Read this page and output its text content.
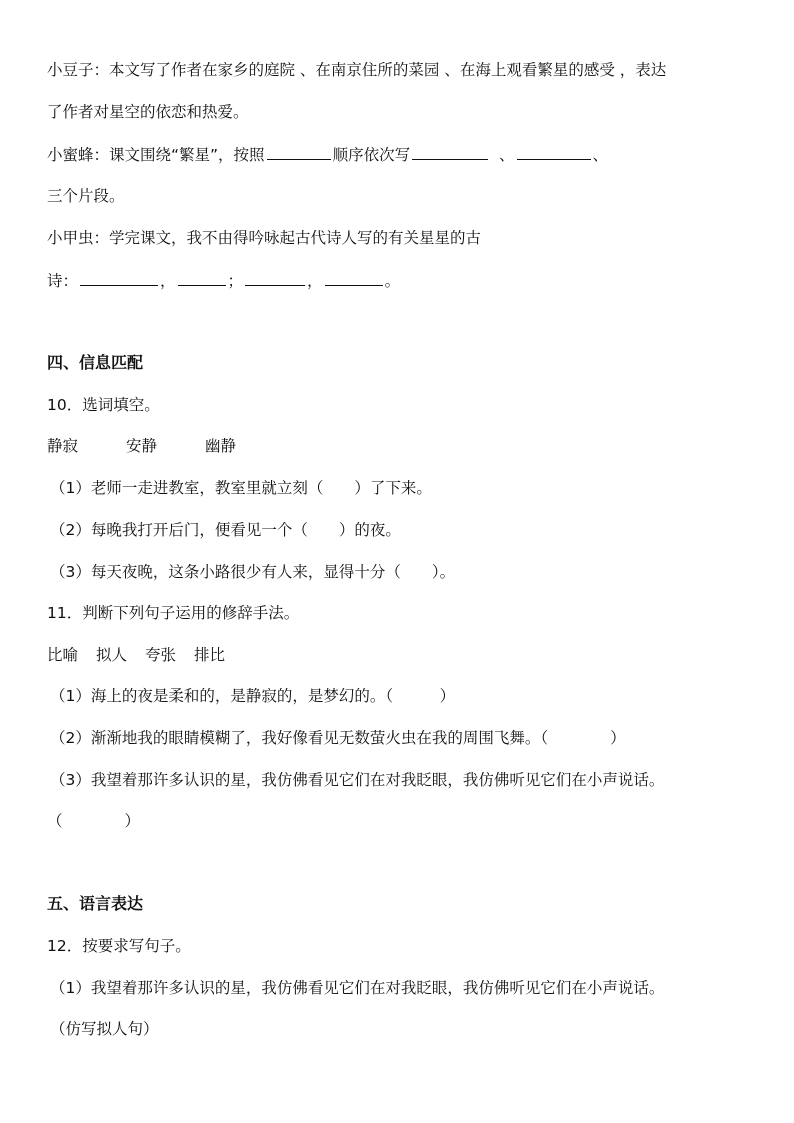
小豆子：本文写了作者在家乡的庭院 、在南京住所的菜园 、在海上观看繁星的感受 ，表达
了作者对星空的依恋和热爱。
小蜜蜂：课文围绕“繁星”，按照	顺序依次写	、	、
三个片段。
小甲虫：学完课文，我不由得吟咏起古代诗人写的有关星星的古
诗：	，	；	，	。
四、信息匹配
10．选词填空。
静寂	安静	幽静
（1）老师一走进教室，教室里就立刻（　　）了下来。
（2）每晚我打开后门，便看见一个（　　）的夜。
（3）每天夜晚，这条小路很少有人来，显得十分（　　）。
11．判断下列句子运用的修辞手法。
比喻 拟人 夸张 排比
（1）海上的夜是柔和的，是静寂的，是梦幻的。（　　　）
（2）渐渐地我的眼睛模糊了，我好像看见无数萤火虫在我的周围飞舞。（　　　　）
（3）我望着那许多认识的星，我仿佛看见它们在对我眨眼，我仿佛听见它们在小声说话。
（　　　　）
五、语言表达
12．按要求写句子。
（1）我望着那许多认识的星，我仿佛看见它们在对我眨眼，我仿佛听见它们在小声说话。
（仿写拟人句）
